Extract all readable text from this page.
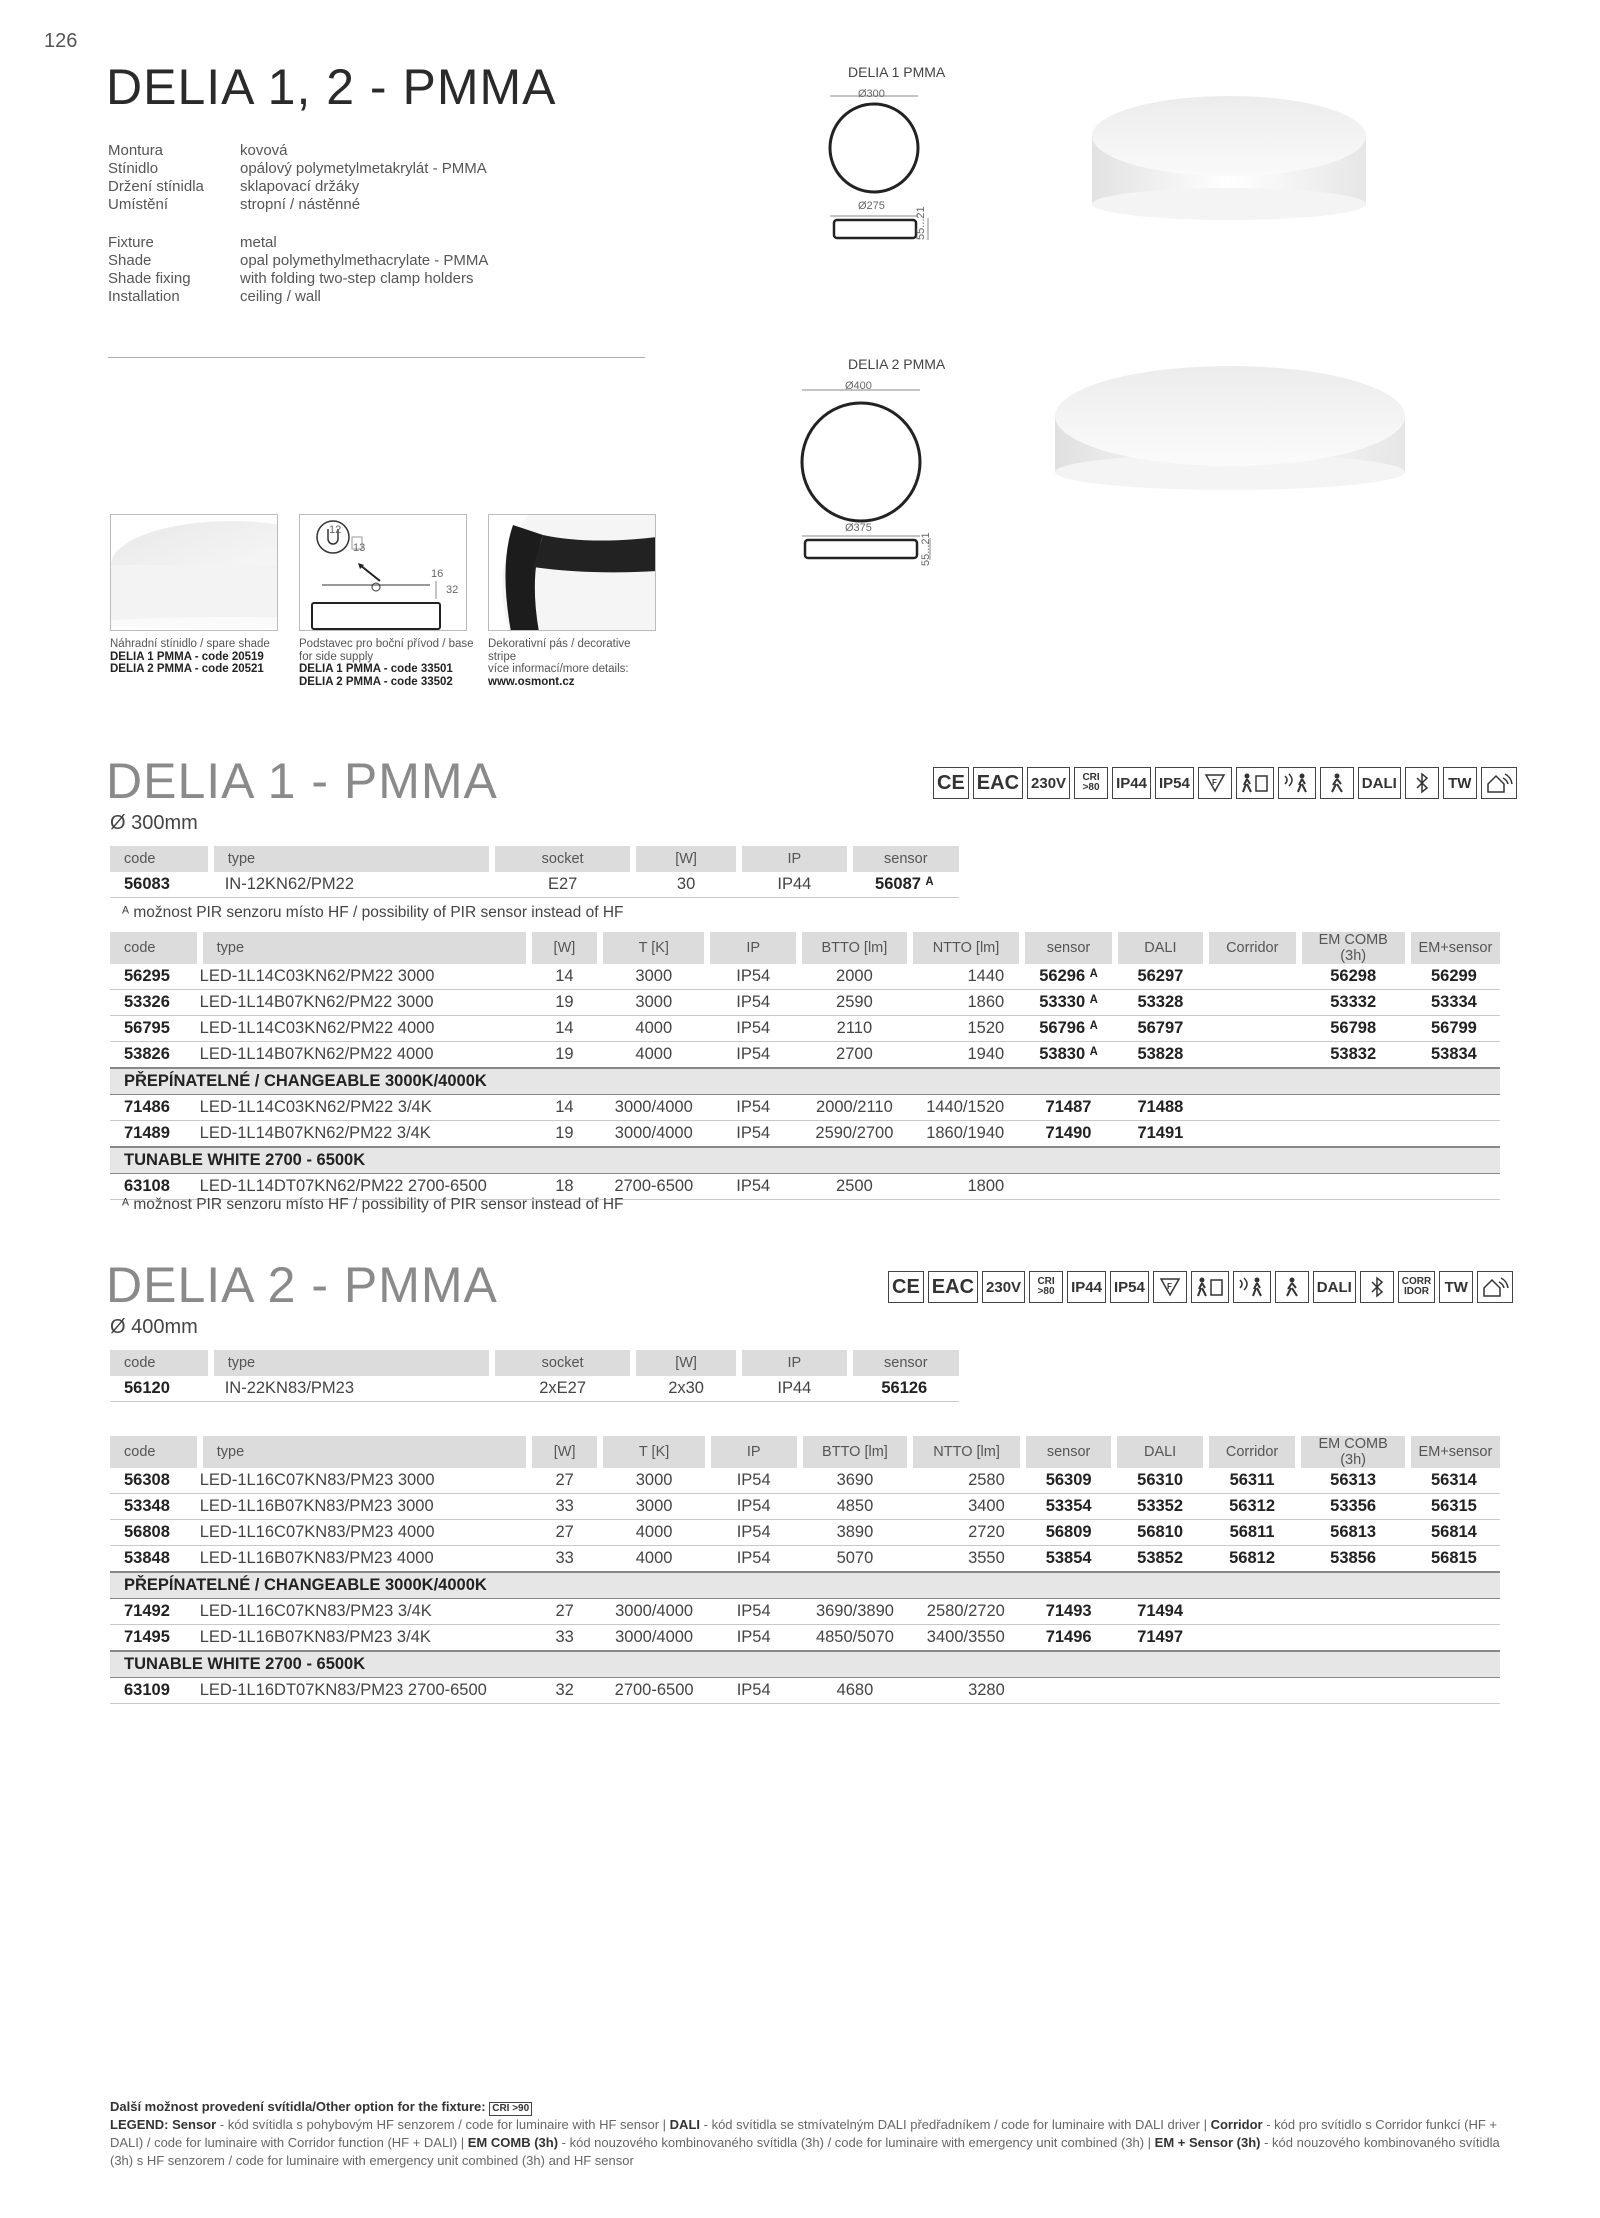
126
DELIA 1, 2 - PMMA
Montura	kovová
Stínidlo	opálový polymetylmetakrylát - PMMA
Držení stínidla	sklapovací držáky
Umístění	stropní / nástěnné
Fixture	metal
Shade	opal polymethylmethacrylate - PMMA
Shade fixing	with folding two-step clamp holders
Installation	ceiling / wall
DELIA 1 PMMA
Ø300
Ø275
55...21
DELIA 2 PMMA
Ø400
Ø375
55...21
12
13
16
32
Náhradní stínidlo / spare shade
DELIA 1 PMMA - code 20519
DELIA 2 PMMA - code 20521
Podstavec pro boční přívod / base for side supply
DELIA 1 PMMA - code 33501
DELIA 2 PMMA - code 33502
Dekorativní pás / decorative stripe
více informací/more details:
www.osmont.cz
DELIA 1 - PMMA
Ø 300mm
CE EAC 230V	CRI
>80 IP44 IP54	F	DALI	TW
code	type	socket	[W]	IP	sensor
56083	IN-12KN62/PM22	E27	30	IP44	56087 ᴬ
ᴬ možnost PIR senzoru místo HF / possibility of PIR sensor instead of HF
code	type	[W]	T [K]	IP	BTTO [lm]	NTTO [lm]	sensor	DALI	Corridor	EM COMB (3h)	EM+sensor
56295	LED-1L14C03KN62/PM22 3000	14	3000	IP54	2000	1440	56296 ᴬ	56297		56298	56299
53326	LED-1L14B07KN62/PM22 3000	19	3000	IP54	2590	1860	53330 ᴬ	53328		53332	53334
56795	LED-1L14C03KN62/PM22 4000	14	4000	IP54	2110	1520	56796 ᴬ	56797		56798	56799
53826	LED-1L14B07KN62/PM22 4000	19	4000	IP54	2700	1940	53830 ᴬ	53828		53832	53834
PŘEPÍNATELNÉ / CHANGEABLE 3000K/4000K											
71486	LED-1L14C03KN62/PM22 3/4K	14	3000/4000	IP54	2000/2110	1440/1520	71487	71488			
71489	LED-1L14B07KN62/PM22 3/4K	19	3000/4000	IP54	2590/2700	1860/1940	71490	71491			
TUNABLE WHITE 2700 - 6500K											
63108	LED-1L14DT07KN62/PM22 2700-6500	18	2700-6500	IP54	2500	1800					
ᴬ možnost PIR senzoru místo HF / possibility of PIR sensor instead of HF
DELIA 2 - PMMA
Ø 400mm
CE EAC 230V	CRI
>80 IP44 IP54	F	DALI	CORR
IDOR	TW
code	type	socket	[W]	IP	sensor
56120	IN-22KN83/PM23	2xE27	2x30	IP44	56126
code	type	[W]	T [K]	IP	BTTO [lm]	NTTO [lm]	sensor	DALI	Corridor	EM COMB (3h)	EM+sensor
56308	LED-1L16C07KN83/PM23 3000	27	3000	IP54	3690	2580	56309	56310	56311	56313	56314
53348	LED-1L16B07KN83/PM23 3000	33	3000	IP54	4850	3400	53354	53352	56312	53356	56315
56808	LED-1L16C07KN83/PM23 4000	27	4000	IP54	3890	2720	56809	56810	56811	56813	56814
53848	LED-1L16B07KN83/PM23 4000	33	4000	IP54	5070	3550	53854	53852	56812	53856	56815
PŘEPÍNATELNÉ / CHANGEABLE 3000K/4000K											
71492	LED-1L16C07KN83/PM23 3/4K	27	3000/4000	IP54	3690/3890	2580/2720	71493	71494			
71495	LED-1L16B07KN83/PM23 3/4K	33	3000/4000	IP54	4850/5070	3400/3550	71496	71497			
TUNABLE WHITE 2700 - 6500K											
63109	LED-1L16DT07KN83/PM23 2700-6500	32	2700-6500	IP54	4680	3280					
Další možnost provedení svítidla/Other option for the fixture: CRI >90
LEGEND: Sensor - kód svítidla s pohybovým HF senzorem / code for luminaire with HF sensor | DALI - kód svítidla se stmívatelným DALI předřadníkem / code for luminaire with DALI driver | Corridor - kód pro svítidlo s Corridor funkcí (HF + DALI) / code for luminaire with Corridor function (HF + DALI) | EM COMB (3h) - kód nouzového kombinovaného svítidla (3h) / code for luminaire with emergency unit combined (3h) | EM + Sensor (3h) - kód nouzového kombinovaného svítidla (3h) s HF senzorem / code for luminaire with emergency unit combined (3h) and HF sensor
